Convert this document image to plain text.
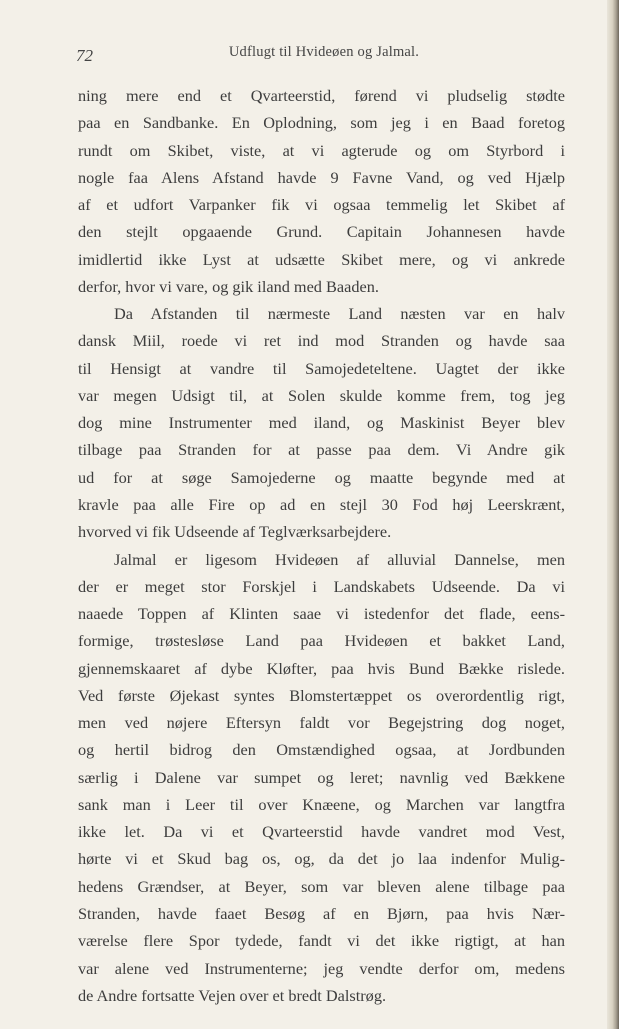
72	Udflugt til Hvideøen og Jalmal.
ning mere end et Qvarteerstid, førend vi pludselig stødte
paa en Sandbanke. En Oplodning, som jeg i en Baad foretog
rundt om Skibet, viste, at vi agterude og om Styrbord i
nogle faa Alens Afstand havde 9 Favne Vand, og ved Hjælp
af et udfort Varpanker fik vi ogsaa temmelig let Skibet af
den stejlt opgaaende Grund. Capitain Johannesen havde
imidlertid ikke Lyst at udsætte Skibet mere, og vi ankrede
derfor, hvor vi vare, og gik iland med Baaden.
Da Afstanden til nærmeste Land næsten var en halv
dansk Miil, roede vi ret ind mod Stranden og havde saa
til Hensigt at vandre til Samojedeteltene. Uagtet der ikke
var megen Udsigt til, at Solen skulde komme frem, tog jeg
dog mine Instrumenter med iland, og Maskinist Beyer blev
tilbage paa Stranden for at passe paa dem. Vi Andre gik
ud for at søge Samojederne og maatte begynde med at
kravle paa alle Fire op ad en stejl 30 Fod høj Leerskrænt,
hvorved vi fik Udseende af Teglværksarbejdere.
Jalmal er ligesom Hvideøen af alluvial Dannelse, men
der er meget stor Forskjel i Landskabets Udseende. Da vi
naaede Toppen af Klinten saae vi istedenfor det flade, eens-
formige, trøstesløse Land paa Hvideøen et bakket Land,
gjennemskaaret af dybe Kløfter, paa hvis Bund Bække rislede.
Ved første Øjekast syntes Blomstertæppet os overordentlig rigt,
men ved nøjere Eftersyn faldt vor Begejstring dog noget,
og hertil bidrog den Omstændighed ogsaa, at Jordbunden
særlig i Dalene var sumpet og leret; navnlig ved Bækkene
sank man i Leer til over Knæene, og Marchen var langtfra
ikke let. Da vi et Qvarteerstid havde vandret mod Vest,
hørte vi et Skud bag os, og, da det jo laa indenfor Mulig-
hedens Grændser, at Beyer, som var bleven alene tilbage paa
Stranden, havde faaet Besøg af en Bjørn, paa hvis Nær-
værelse flere Spor tydede, fandt vi det ikke rigtigt, at han
var alene ved Instrumenterne; jeg vendte derfor om, medens
de Andre fortsatte Vejen over et bredt Dalstrøg.
